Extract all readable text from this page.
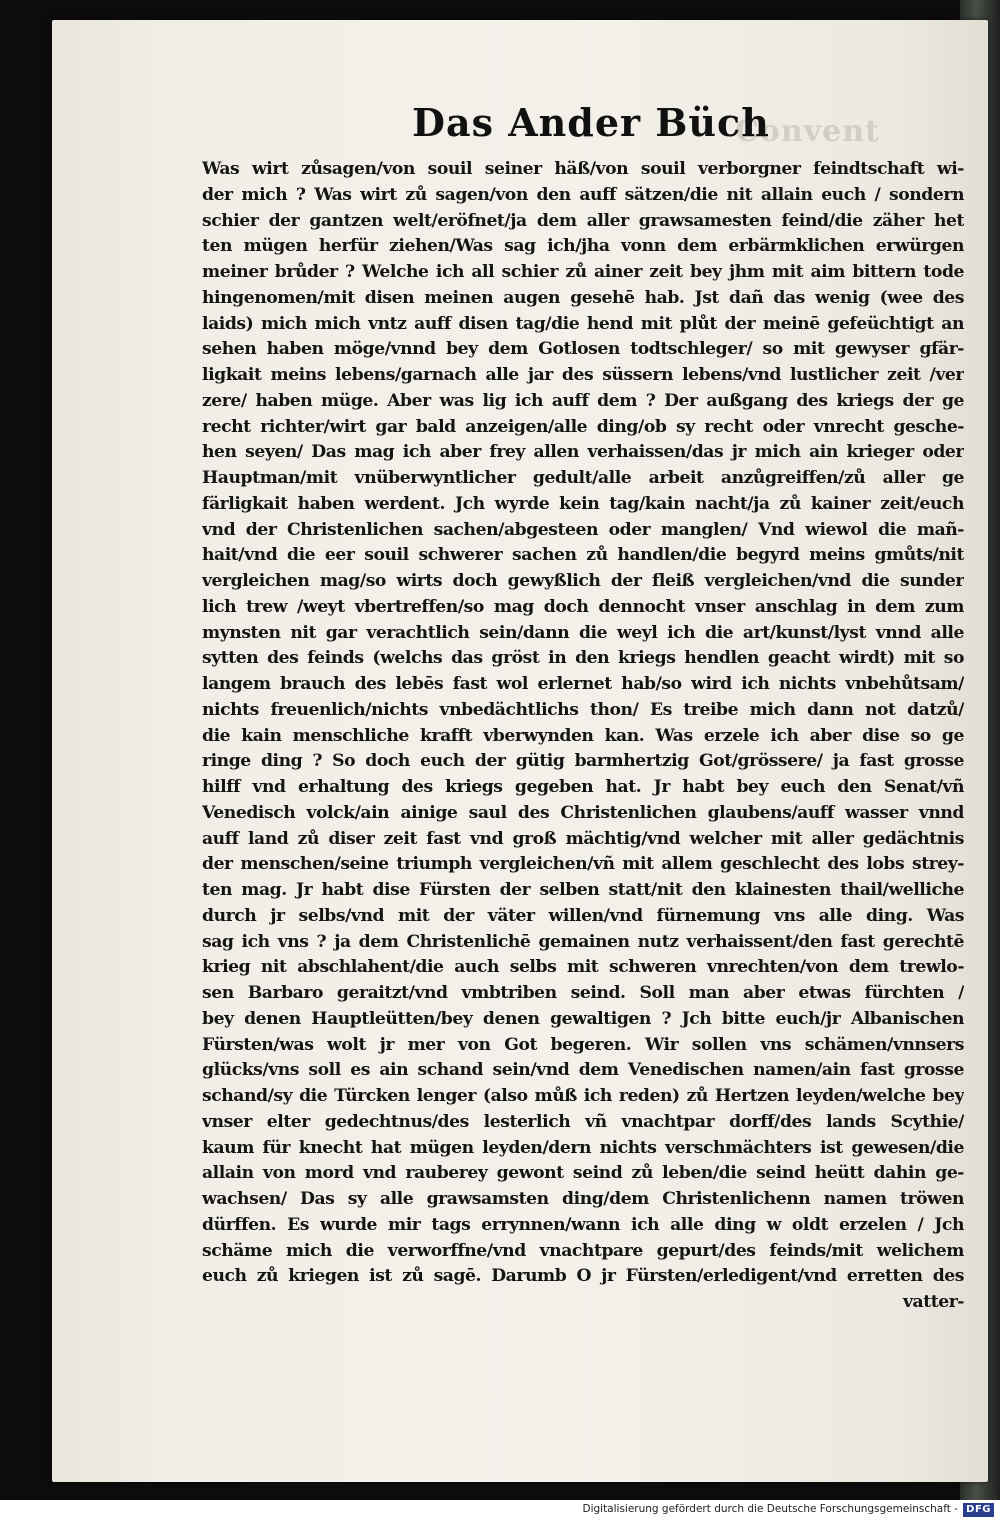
Convent
Das Ander Büch
Was wirt zůsagen/von souil seiner häß/von souil verborgner feindtschaft wi-
der mich ? Was wirt zů sagen/von den auff sätzen/die nit allain euch / sondern
schier der gantzen welt/eröfnet/ja dem aller grawsamesten feind/die zäher het
ten mügen herfür ziehen/Was sag ich/jha vonn dem erbärmklichen erwürgen
meiner brůder ? Welche ich all schier zů ainer zeit bey jhm mit aim bittern tode
hingenomen/mit disen meinen augen gesehē hab. Jst dañ das wenig (wee des
laids) mich mich vntz auff disen tag/die hend mit plůt der meinē gefeüchtigt an
sehen haben möge/vnnd bey dem Gotlosen todtschleger/ so mit gewyser gfär-
ligkait meins lebens/garnach alle jar des süssern lebens/vnd lustlicher zeit /ver
zere/ haben müge. Aber was lig ich auff dem ? Der außgang des kriegs der ge
recht richter/wirt gar bald anzeigen/alle ding/ob sy recht oder vnrecht gesche-
hen seyen/ Das mag ich aber frey allen verhaissen/das jr mich ain krieger oder
Hauptman/mit vnüberwyntlicher gedult/alle arbeit anzůgreiffen/zů aller ge
färligkait haben werdent. Jch wyrde kein tag/kain nacht/ja zů kainer zeit/euch
vnd der Christenlichen sachen/abgesteen oder manglen/ Vnd wiewol die mañ-
hait/vnd die eer souil schwerer sachen zů handlen/die begyrd meins gmůts/nit
vergleichen mag/so wirts doch gewyßlich der fleiß vergleichen/vnd die sunder
lich trew /weyt vbertreffen/so mag doch dennocht vnser anschlag in dem zum
mynsten nit gar verachtlich sein/dann die weyl ich die art/kunst/lyst vnnd alle
sytten des feinds (welchs das gröst in den kriegs hendlen geacht wirdt) mit so
langem brauch des lebēs fast wol erlernet hab/so wird ich nichts vnbehůtsam/
nichts freuenlich/nichts vnbedächtlichs thon/ Es treibe mich dann not datzů/
die kain menschliche krafft vberwynden kan. Was erzele ich aber dise so ge
ringe ding ? So doch euch der gütig barmhertzig Got/grössere/ ja fast grosse
hilff vnd erhaltung des kriegs gegeben hat. Jr habt bey euch den Senat/vñ
Venedisch volck/ain ainige saul des Christenlichen glaubens/auff wasser vnnd
auff land zů diser zeit fast vnd groß mächtig/vnd welcher mit aller gedächtnis
der menschen/seine triumph vergleichen/vñ mit allem geschlecht des lobs strey-
ten mag. Jr habt dise Fürsten der selben statt/nit den klainesten thail/welliche
durch jr selbs/vnd mit der väter willen/vnd fürnemung vns alle ding. Was
sag ich vns ? ja dem Christenlichē gemainen nutz verhaissent/den fast gerechtē
krieg nit abschlahent/die auch selbs mit schweren vnrechten/von dem trewlo-
sen Barbaro geraitzt/vnd vmbtriben seind. Soll man aber etwas fürchten /
bey denen Hauptleütten/bey denen gewaltigen ? Jch bitte euch/jr Albanischen
Fürsten/was wolt jr mer von Got begeren. Wir sollen vns schämen/vnnsers
glücks/vns soll es ain schand sein/vnd dem Venedischen namen/ain fast grosse
schand/sy die Türcken lenger (also můß ich reden) zů Hertzen leyden/welche bey
vnser elter gedechtnus/des lesterlich vñ vnachtpar dorff/des lands Scythie/
kaum für knecht hat mügen leyden/dern nichts verschmächters ist gewesen/die
allain von mord vnd rauberey gewont seind zů leben/die seind heütt dahin ge-
wachsen/ Das sy alle grawsamsten ding/dem Christenlichenn namen tröwen
dürffen. Es wurde mir tags errynnen/wann ich alle ding w oldt erzelen / Jch
schäme mich die verworffne/vnd vnachtpare gepurt/des feinds/mit welichem
euch zů kriegen ist zů sagē. Darumb O jr Fürsten/erledigent/vnd erretten des
vatter-
Digitalisierung gefördert durch die Deutsche Forschungsgemeinschaft - DFG
